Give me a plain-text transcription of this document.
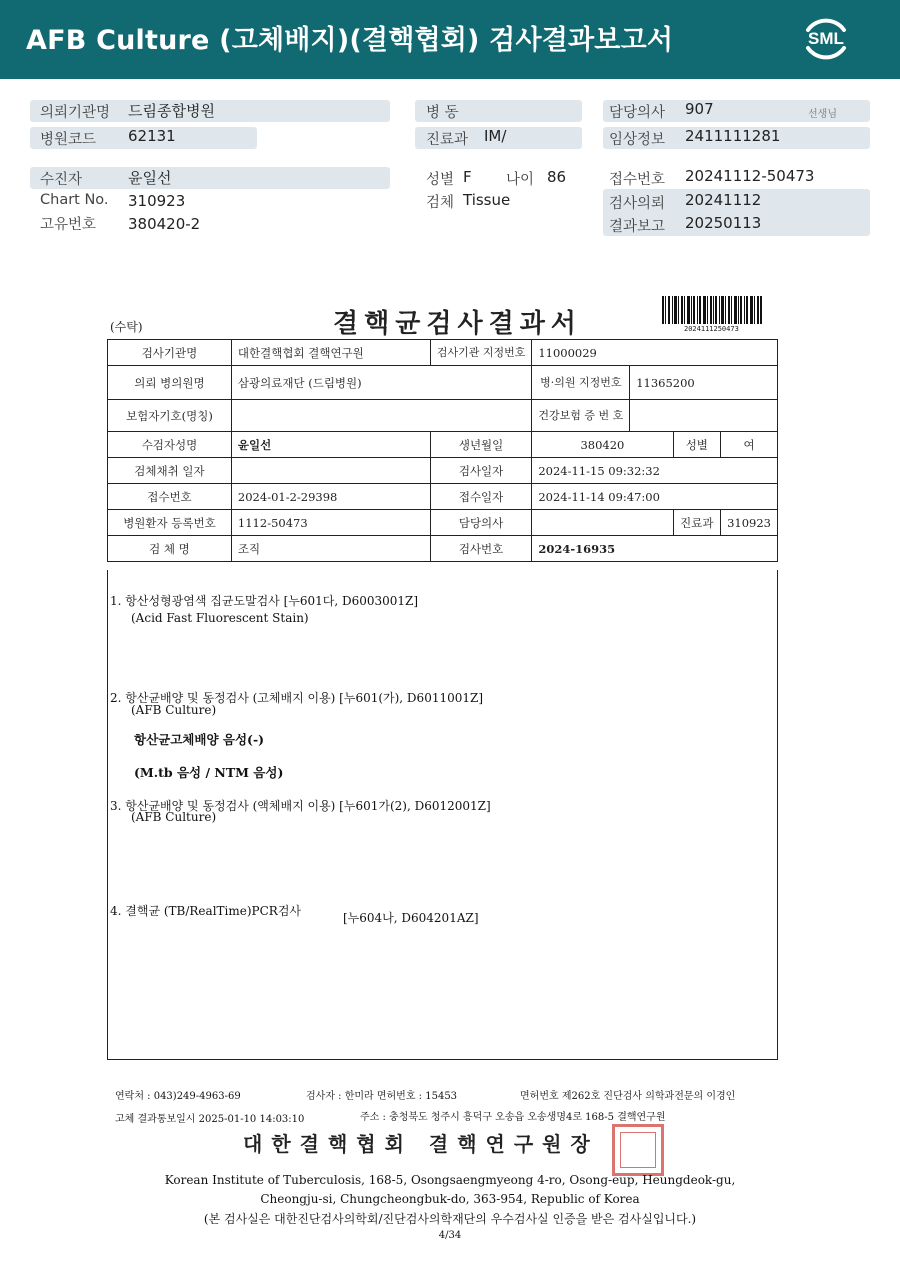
AFB Culture (고체배지)(결핵협회) 검사결과보고서	SML
의뢰기관명 드림종합병원
병원코드 62131
병 동
진료과 IM/
담당의사 907	선생님
임상정보 2411111281
수진자	윤일선
Chart No. 310923
고유번호 380420-2
성별 F 나이 86
검체 Tissue
접수번호 20241112-50473
검사의뢰 20241112
결과보고 20250113
(수탁)	결핵균검사결과서	2024111250473
검사기관명	대한결핵협회 결핵연구원	검사기관 지정번호	11000029			
의뢰 병의원명	삼광의료재단 (드림병원)		병·의원 지정번호	11365200		
보험자기호(명칭)			건강보험 증 번 호			
수검자성명	윤일선	생년월일	380420		성별	여
검체채취 일자		검사일자	2024-11-15 09:32:32			
접수번호	2024-01-2-29398	접수일자	2024-11-14 09:47:00			
병원환자 등록번호	1112-50473	담당의사			진료과	310923
검 체 명	조직	검사번호	2024-16935			
1. 항산성형광염색 집균도말검사 [누601다, D6003001Z]
(Acid Fast Fluorescent Stain)
2. 항산균배양 및 동정검사 (고체배지 이용) [누601(가), D6011001Z]
(AFB Culture)
항산균고체배양 음성(-)
(M.tb 음성 / NTM 음성)
3. 항산균배양 및 동정검사 (액체배지 이용) [누601가(2), D6012001Z]
(AFB Culture)
4. 결핵균 (TB/RealTime)PCR검사	[누604나, D604201AZ]
연락처 : 043)249-4963-69	검사자 : 한미라 면허번호 : 15453	면허번호 제262호 진단검사 의학과전문의 이경인
고체 결과통보일시 2025-01-10 14:03:10	주소 : 충청북도 청주시 흥덕구 오송읍 오송생명4로 168-5 결핵연구원
대한결핵협회 결핵연구원장
Korean Institute of Tuberculosis, 168-5, Osongsaengmyeong 4-ro, Osong-eup, Heungdeok-gu,
Cheongju-si, Chungcheongbuk-do, 363-954, Republic of Korea
(본 검사실은 대한진단검사의학회/진단검사의학재단의 우수검사실 인증을 받은 검사실입니다.)
4/34
